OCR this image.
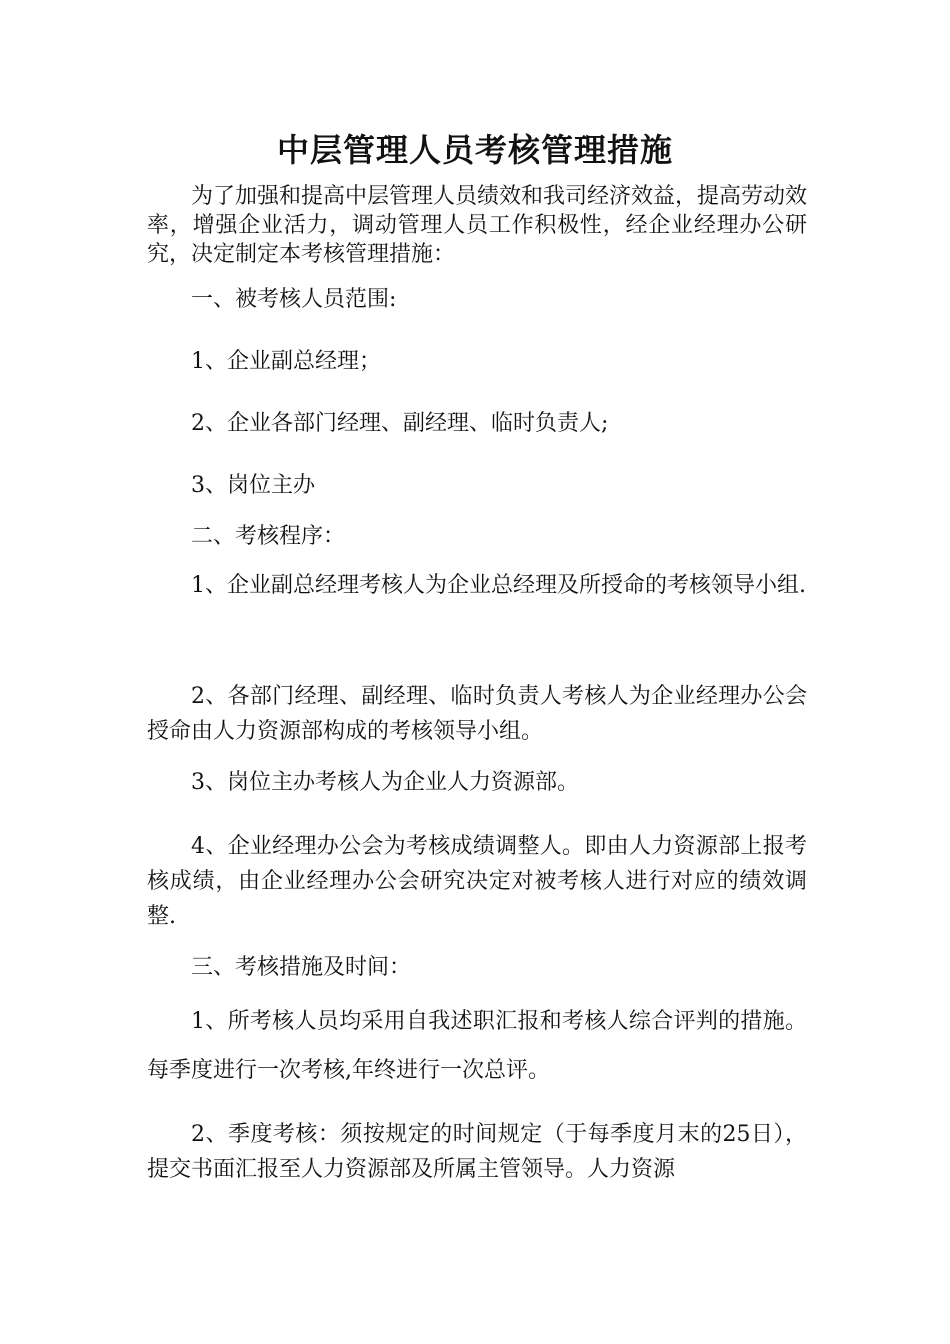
中层管理人员考核管理措施

为了加强和提高中层管理人员绩效和我司经济效益，提高劳动效率，增强企业活力，调动管理人员工作积极性，经企业经理办公研究，决定制定本考核管理措施：

一、被考核人员范围:

1、企业副总经理；

2、企业各部门经理、副经理、临时负责人;

3、岗位主办

二、考核程序：

1、企业副总经理考核人为企业总经理及所授命的考核领导小组.

2、各部门经理、副经理、临时负责人考核人为企业经理办公会授命由人力资源部构成的考核领导小组。

3、岗位主办考核人为企业人力资源部。

4、企业经理办公会为考核成绩调整人。即由人力资源部上报考核成绩，由企业经理办公会研究决定对被考核人进行对应的绩效调整.

三、考核措施及时间：

1、所考核人员均采用自我述职汇报和考核人综合评判的措施。每季度进行一次考核,年终进行一次总评。

2、季度考核：须按规定的时间规定（于每季度月末的25日），提交书面汇报至人力资源部及所属主管领导。人力资源
